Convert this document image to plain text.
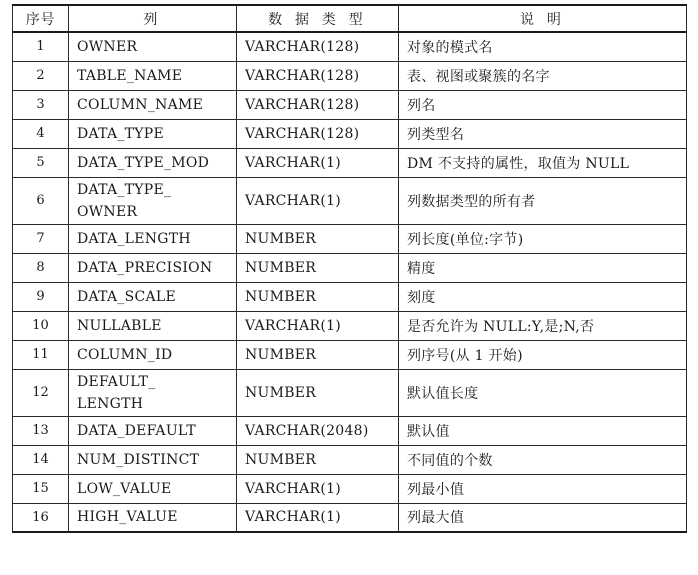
序号	列	数 据 类 型	说 明
1	OWNER	VARCHAR(128)	对象的模式名
2	TABLE_NAME	VARCHAR(128)	表、视图或聚簇的名字
3	COLUMN_NAME	VARCHAR(128)	列名
4	DATA_TYPE	VARCHAR(128)	列类型名
5	DATA_TYPE_MOD	VARCHAR(1)	DM 不支持的属性，取值为 NULL
6	DATA_TYPE_
OWNER	VARCHAR(1)	列数据类型的所有者
7	DATA_LENGTH	NUMBER	列长度(单位:字节)
8	DATA_PRECISION	NUMBER	精度
9	DATA_SCALE	NUMBER	刻度
10	NULLABLE	VARCHAR(1)	是否允许为 NULL:Y,是;N,否
11	COLUMN_ID	NUMBER	列序号(从 1 开始)
12	DEFAULT_
LENGTH	NUMBER	默认值长度
13	DATA_DEFAULT	VARCHAR(2048)	默认值
14	NUM_DISTINCT	NUMBER	不同值的个数
15	LOW_VALUE	VARCHAR(1)	列最小值
16	HIGH_VALUE	VARCHAR(1)	列最大值
